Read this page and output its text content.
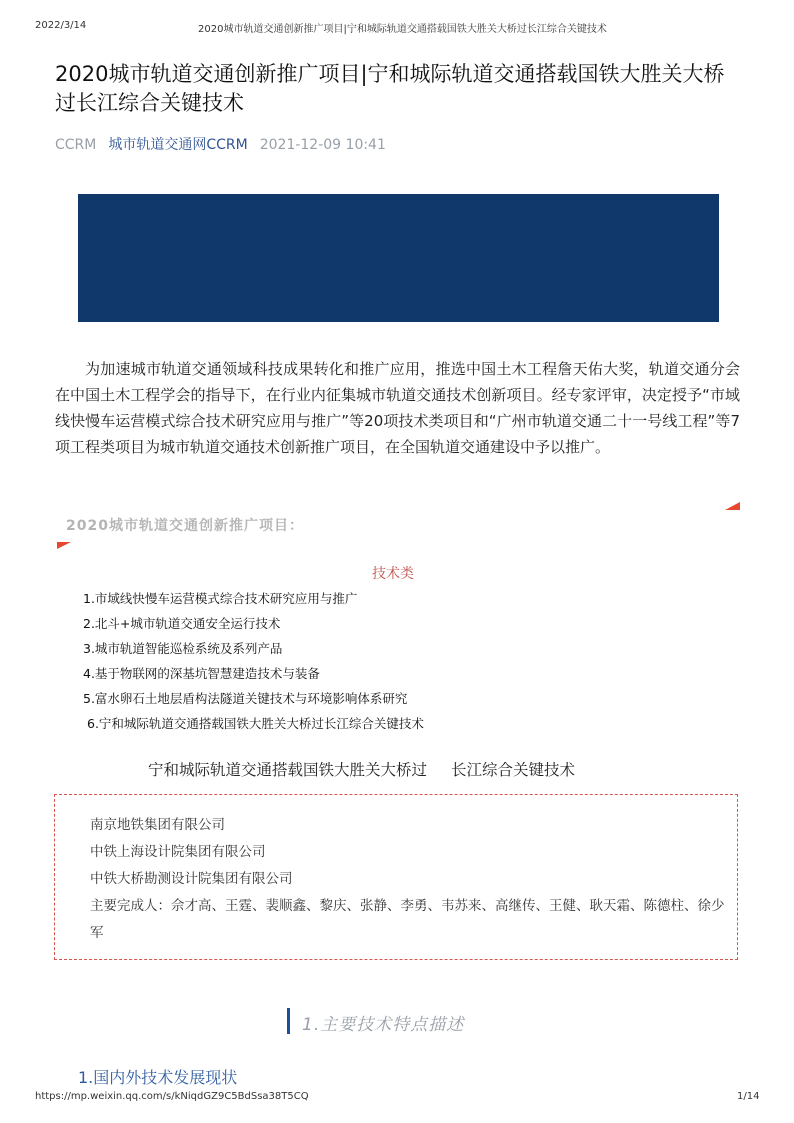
2022/3/14	2020城市轨道交通创新推广项目|宁和城际轨道交通搭载国铁大胜关大桥过长江综合关键技术
2020城市轨道交通创新推广项目|宁和城际轨道交通搭载国铁大胜关大桥过长江综合关键技术
CCRM 城市轨道交通网CCRM 2021-12-09 10:41

为加速城市轨道交通领域科技成果转化和推广应用，推选中国土木工程詹天佑大奖，轨道交通分会在中国土木工程学会的指导下，在行业内征集城市轨道交通技术创新项目。经专家评审，决定授予“市域线快慢车运营模式综合技术研究应用与推广”等20项技术类项目和“广州市轨道交通二十一号线工程”等7项工程类项目为城市轨道交通技术创新推广项目，在全国轨道交通建设中予以推广。

2020城市轨道交通创新推广项目：
技术类
1.市域线快慢车运营模式综合技术研究应用与推广
2.北斗+城市轨道交通安全运行技术
3.城市轨道智能巡检系统及系列产品
4.基于物联网的深基坑智慧建造技术与装备
5.富水卵石土地层盾构法隧道关键技术与环境影响体系研究
6.宁和城际轨道交通搭载国铁大胜关大桥过长江综合关键技术
宁和城际轨道交通搭载国铁大胜关大桥过 长江综合关键技术
南京地铁集团有限公司
中铁上海设计院集团有限公司
中铁大桥勘测设计院集团有限公司
主要完成人：佘才高、王霆、裴顺鑫、黎庆、张静、李勇、韦苏来、高继传、王健、耿天霜、陈德柱、徐少军
1.主要技术特点描述
1.国内外技术发展现状
https://mp.weixin.qq.com/s/kNiqdGZ9C5BdSsa38T5CQ	1/14
